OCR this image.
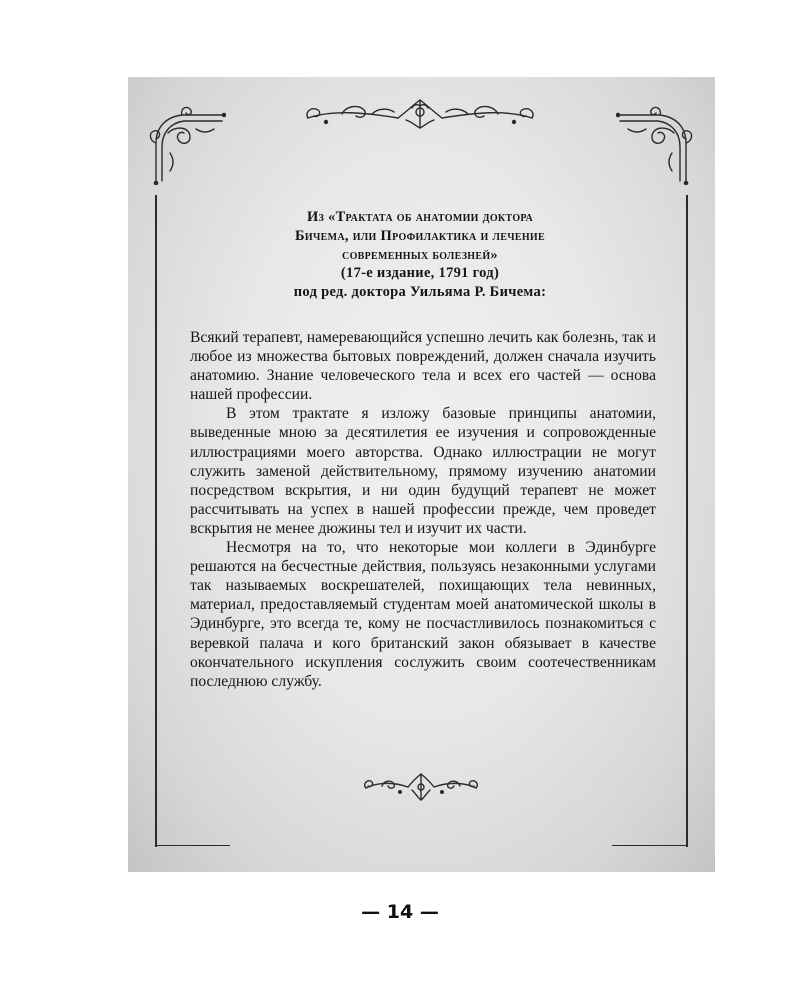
Из «Трактата об анатомии доктора
Бичема, или Профилактика и лечение
современных болезней»
(17-е издание, 1791 год)
под ред. доктора Уильяма Р. Бичема:

Всякий терапевт, намеревающийся успешно лечить как болезнь, так и любое из множества бытовых повреждений, должен сначала изучить анатомию. Знание человеческого тела и всех его частей — основа нашей профессии.

В этом трактате я изложу базовые принципы анатомии, выведенные мною за десятилетия ее изучения и сопровожденные иллюстрациями моего авторства. Однако иллюстрации не могут служить заменой действительному, прямому изучению анатомии посредством вскрытия, и ни один будущий терапевт не может рассчитывать на успех в нашей профессии прежде, чем проведет вскрытия не менее дюжины тел и изучит их части.

Несмотря на то, что некоторые мои коллеги в Эдинбурге решаются на бесчестные действия, пользуясь незаконными услугами так называемых воскрешателей, похищающих тела невинных, материал, предоставляемый студентам моей анатомической школы в Эдинбурге, это всегда те, кому не посчастливилось познакомиться с веревкой палача и кого британский закон обязывает в качестве окончательного искупления сослужить своим соотечественникам последнюю службу.

— 14 —
